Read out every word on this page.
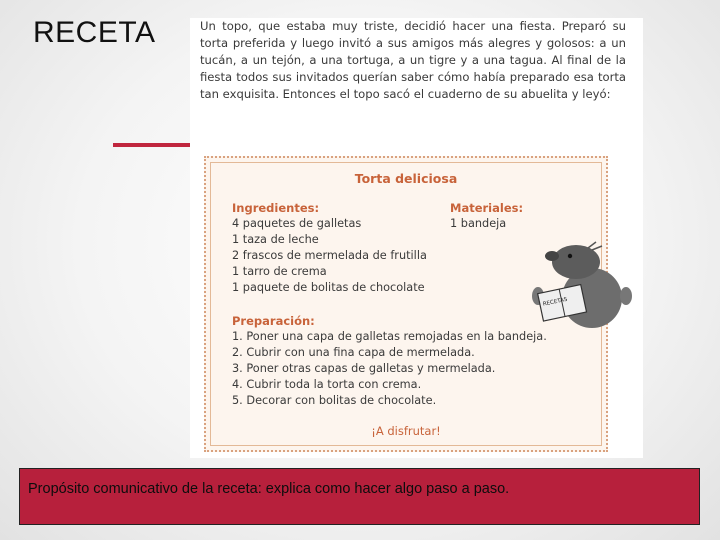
RECETA	Un topo, que estaba muy triste, decidió hacer una fiesta. Preparó su torta preferida y luego invitó a sus amigos más alegres y golosos: a un tucán, a un tejón, a una tortuga, a un tigre y a una tagua. Al final de la fiesta todos sus invitados querían saber cómo había preparado esa torta tan exquisita. Entonces el topo sacó el cuaderno de su abuelita y leyó:
Torta deliciosa
Ingredientes:
4 paquetes de galletas
1 taza de leche
2 frascos de mermelada de frutilla
1 tarro de crema
1 paquete de bolitas de chocolate
Materiales:
1 bandeja
Preparación:
1. Poner una capa de galletas remojadas en la bandeja.
2. Cubrir con una fina capa de mermelada.
3. Poner otras capas de galletas y mermelada.
4. Cubrir toda la torta con crema.
5. Decorar con bolitas de chocolate.
¡A disfrutar!
RECETAS
Propósito comunicativo de la receta: explica como hacer algo paso a paso.
